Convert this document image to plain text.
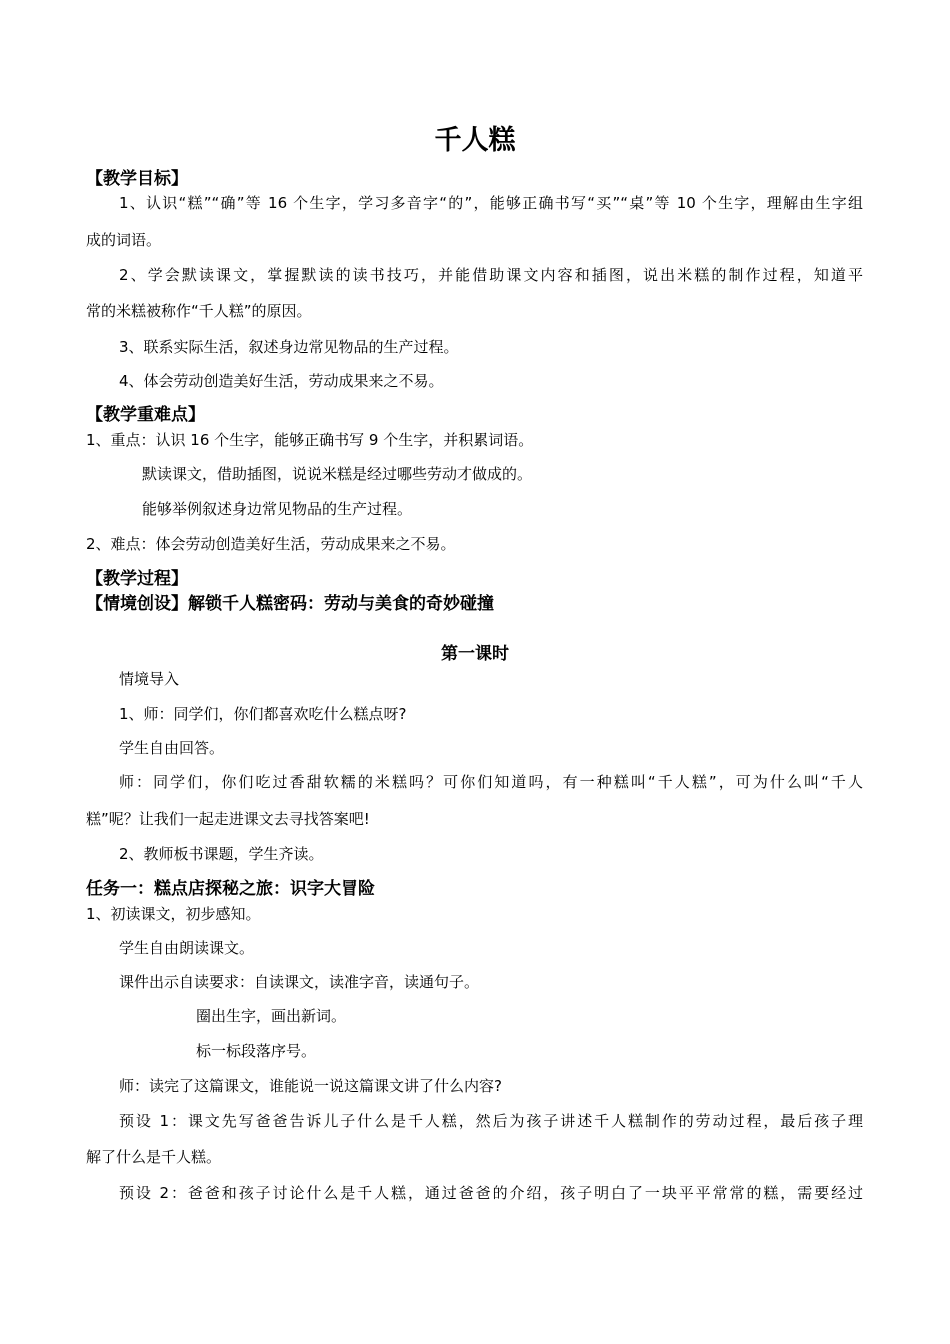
千人糕
【教学目标】
1、认识“糕”“确”等 16 个生字，学习多音字“的”，能够正确书写“买”“桌”等 10 个生字，理解由生字组
成的词语。
2、学会默读课文，掌握默读的读书技巧，并能借助课文内容和插图，说出米糕的制作过程，知道平
常的米糕被称作“千人糕”的原因。
3、联系实际生活，叙述身边常见物品的生产过程。
4、体会劳动创造美好生活，劳动成果来之不易。
【教学重难点】
1、重点：认识 16 个生字，能够正确书写 9 个生字，并积累词语。
默读课文，借助插图，说说米糕是经过哪些劳动才做成的。
能够举例叙述身边常见物品的生产过程。
2、难点：体会劳动创造美好生活，劳动成果来之不易。
【教学过程】
【情境创设】解锁千人糕密码：劳动与美食的奇妙碰撞
第一课时
情境导入
1、师：同学们，你们都喜欢吃什么糕点呀?
学生自由回答。
师：同学们，你们吃过香甜软糯的米糕吗？可你们知道吗，有一种糕叫“千人糕”，可为什么叫“千人
糕”呢？让我们一起走进课文去寻找答案吧!
2、教师板书课题，学生齐读。
任务一：糕点店探秘之旅：识字大冒险
1、初读课文，初步感知。
学生自由朗读课文。
课件出示自读要求：自读课文，读准字音，读通句子。
圈出生字，画出新词。
标一标段落序号。
师：读完了这篇课文，谁能说一说这篇课文讲了什么内容?
预设 1：课文先写爸爸告诉儿子什么是千人糕，然后为孩子讲述千人糕制作的劳动过程，最后孩子理
解了什么是千人糕。
预设 2：爸爸和孩子讨论什么是千人糕，通过爸爸的介绍，孩子明白了一块平平常常的糕，需要经过
